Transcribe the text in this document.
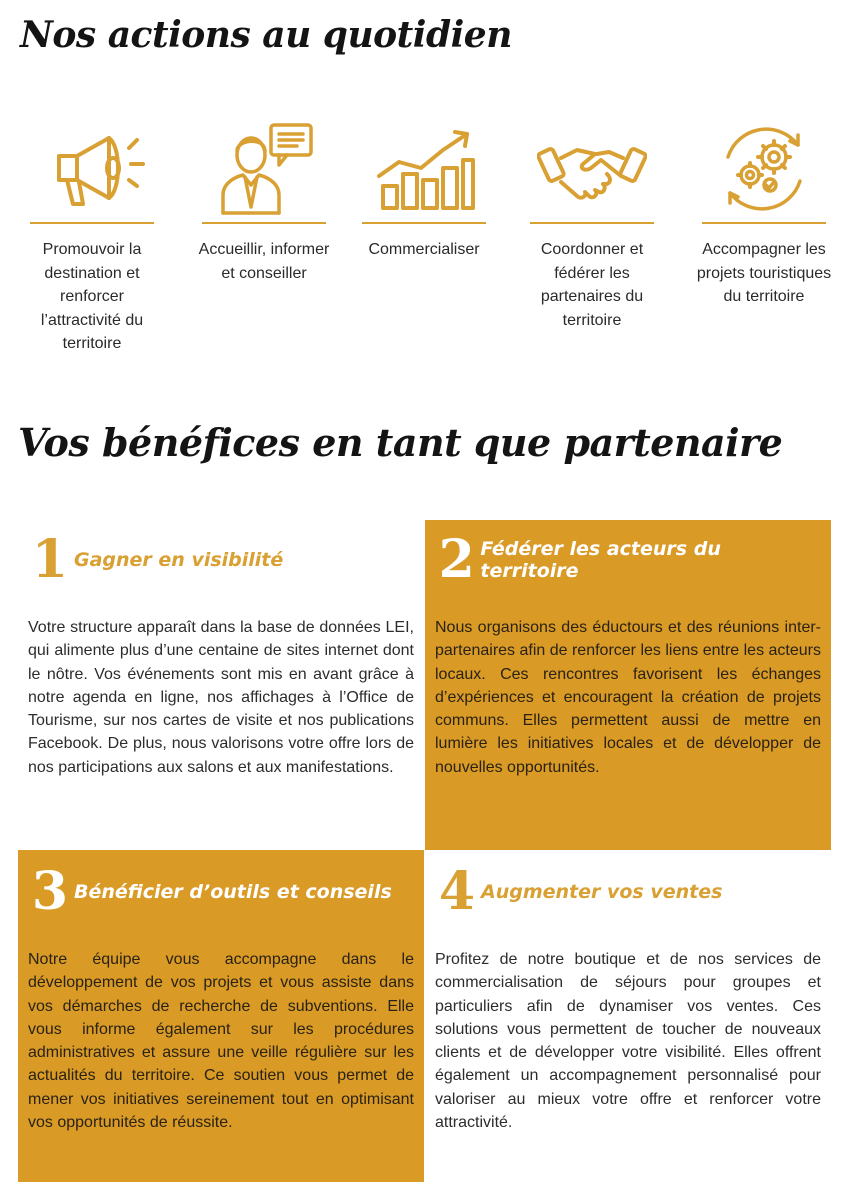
Nos actions au quotidien
Promouvoir la destination et renforcer l’attractivité du territoire
Accueillir, informer et conseiller
Commercialiser	Coordonner et fédérer les partenaires du territoire
Accompagner les projets touristiques du territoire
Vos bénéfices en tant que partenaire
1 Gagner en visibilité

Votre structure apparaît dans la base de données LEI, qui alimente plus d’une centaine de sites internet dont le nôtre. Vos événements sont mis en avant grâce à notre agenda en ligne, nos affichages à l’Office de Tourisme, sur nos cartes de visite et nos publications Facebook. De plus, nous valorisons votre offre lors de nos participations aux salons et aux manifestations.

2 Fédérer les acteurs du territoire

Nous organisons des éductours et des réunions inter-partenaires afin de renforcer les liens entre les acteurs locaux. Ces rencontres favorisent les échanges d’expériences et encouragent la création de projets communs. Elles permettent aussi de mettre en lumière les initiatives locales et de développer de nouvelles opportunités.

3 Bénéficier d’outils et conseils

Notre équipe vous accompagne dans le développement de vos projets et vous assiste dans vos démarches de recherche de subventions. Elle vous informe également sur les procédures administratives et assure une veille régulière sur les actualités du territoire. Ce soutien vous permet de mener vos initiatives sereinement tout en optimisant vos opportunités de réussite.

4 Augmenter vos ventes

Profitez de notre boutique et de nos services de commercialisation de séjours pour groupes et particuliers afin de dynamiser vos ventes. Ces solutions vous permettent de toucher de nouveaux clients et de développer votre visibilité. Elles offrent également un accompagnement personnalisé pour valoriser au mieux votre offre et renforcer votre attractivité.
